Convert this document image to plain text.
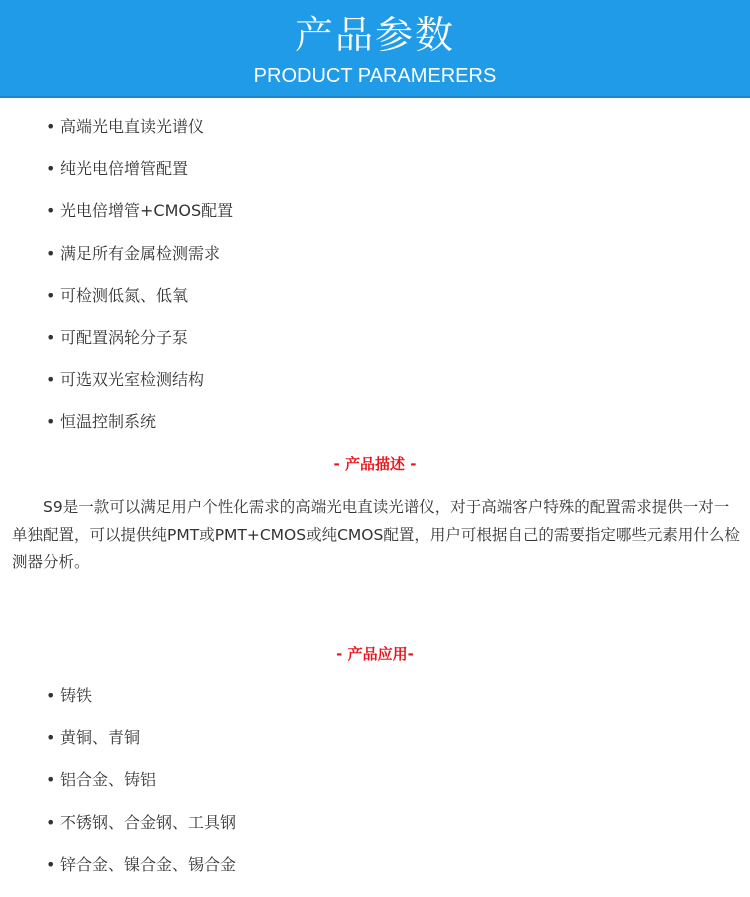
产品参数
PRODUCT PARAMERERS
• 高端光电直读光谱仪
• 纯光电倍增管配置
• 光电倍增管+CMOS配置
• 满足所有金属检测需求
• 可检测低氮、低氧
• 可配置涡轮分子泵
• 可选双光室检测结构
• 恒温控制系统
- 产品描述 -

S9是一款可以满足用户个性化需求的高端光电直读光谱仪，对于高端客户特殊的配置需求提供一对一单独配置，可以提供纯PMT或PMT+CMOS或纯CMOS配置，用户可根据自己的需要指定哪些元素用什么检测器分析。

- 产品应用-
• 铸铁
• 黄铜、青铜
• 铝合金、铸铝
• 不锈钢、合金钢、工具钢
• 锌合金、镍合金、锡合金
